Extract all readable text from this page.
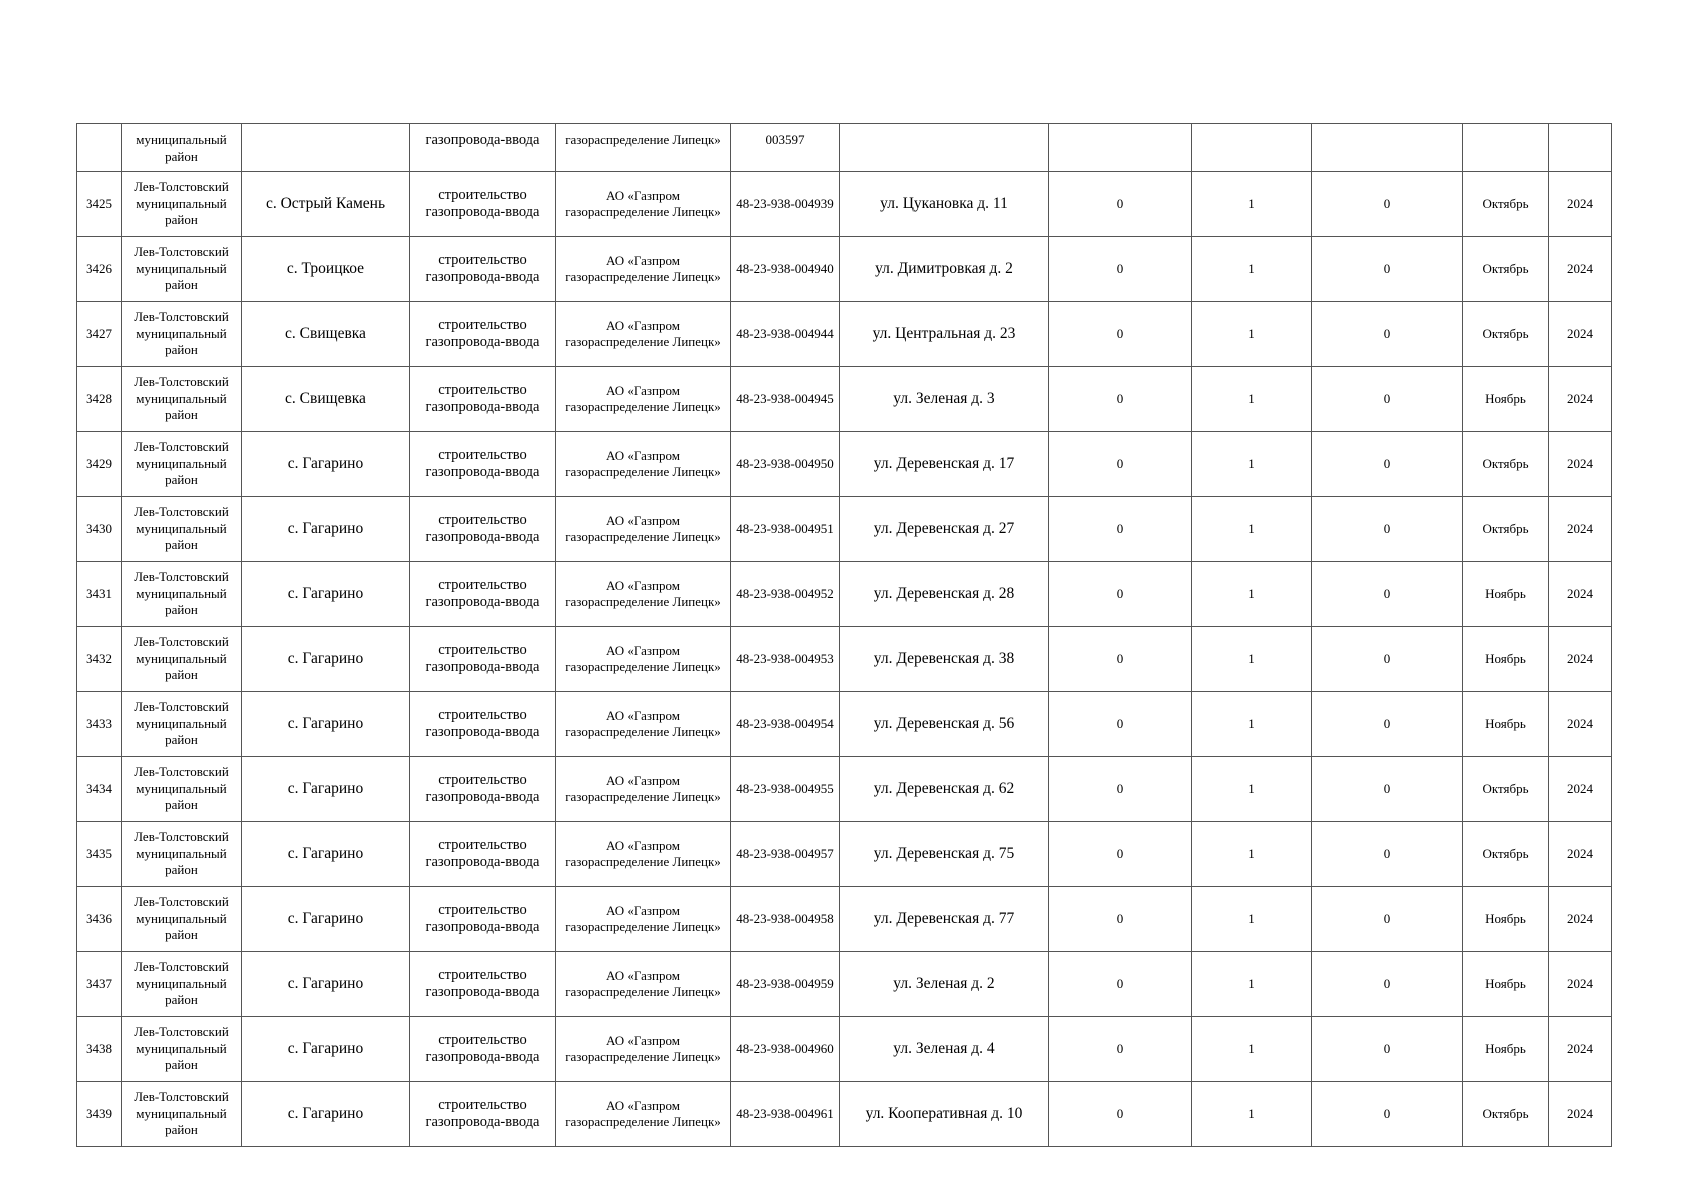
	муниципальный район		газопровода-ввода	газораспределение Липецк»	003597						
3425	Лев-Толстовский муниципальный район	с. Острый Камень	строительство газопровода-ввода	АО «Газпром газораспределение Липецк»	48-23-938-004939	ул. Цукановка д. 11	0	1	0	Октябрь	2024
3426	Лев-Толстовский муниципальный район	с. Троицкое	строительство газопровода-ввода	АО «Газпром газораспределение Липецк»	48-23-938-004940	ул. Димитровкая д. 2	0	1	0	Октябрь	2024
3427	Лев-Толстовский муниципальный район	с. Свищевка	строительство газопровода-ввода	АО «Газпром газораспределение Липецк»	48-23-938-004944	ул. Центральная д. 23	0	1	0	Октябрь	2024
3428	Лев-Толстовский муниципальный район	с. Свищевка	строительство газопровода-ввода	АО «Газпром газораспределение Липецк»	48-23-938-004945	ул. Зеленая д. 3	0	1	0	Ноябрь	2024
3429	Лев-Толстовский муниципальный район	с. Гагарино	строительство газопровода-ввода	АО «Газпром газораспределение Липецк»	48-23-938-004950	ул. Деревенская д. 17	0	1	0	Октябрь	2024
3430	Лев-Толстовский муниципальный район	с. Гагарино	строительство газопровода-ввода	АО «Газпром газораспределение Липецк»	48-23-938-004951	ул. Деревенская д. 27	0	1	0	Октябрь	2024
3431	Лев-Толстовский муниципальный район	с. Гагарино	строительство газопровода-ввода	АО «Газпром газораспределение Липецк»	48-23-938-004952	ул. Деревенская д. 28	0	1	0	Ноябрь	2024
3432	Лев-Толстовский муниципальный район	с. Гагарино	строительство газопровода-ввода	АО «Газпром газораспределение Липецк»	48-23-938-004953	ул. Деревенская д. 38	0	1	0	Ноябрь	2024
3433	Лев-Толстовский муниципальный район	с. Гагарино	строительство газопровода-ввода	АО «Газпром газораспределение Липецк»	48-23-938-004954	ул. Деревенская д. 56	0	1	0	Ноябрь	2024
3434	Лев-Толстовский муниципальный район	с. Гагарино	строительство газопровода-ввода	АО «Газпром газораспределение Липецк»	48-23-938-004955	ул. Деревенская д. 62	0	1	0	Октябрь	2024
3435	Лев-Толстовский муниципальный район	с. Гагарино	строительство газопровода-ввода	АО «Газпром газораспределение Липецк»	48-23-938-004957	ул. Деревенская д. 75	0	1	0	Октябрь	2024
3436	Лев-Толстовский муниципальный район	с. Гагарино	строительство газопровода-ввода	АО «Газпром газораспределение Липецк»	48-23-938-004958	ул. Деревенская д. 77	0	1	0	Ноябрь	2024
3437	Лев-Толстовский муниципальный район	с. Гагарино	строительство газопровода-ввода	АО «Газпром газораспределение Липецк»	48-23-938-004959	ул. Зеленая д. 2	0	1	0	Ноябрь	2024
3438	Лев-Толстовский муниципальный район	с. Гагарино	строительство газопровода-ввода	АО «Газпром газораспределение Липецк»	48-23-938-004960	ул. Зеленая д. 4	0	1	0	Ноябрь	2024
3439	Лев-Толстовский муниципальный район	с. Гагарино	строительство газопровода-ввода	АО «Газпром газораспределение Липецк»	48-23-938-004961	ул. Кооперативная д. 10	0	1	0	Октябрь	2024
